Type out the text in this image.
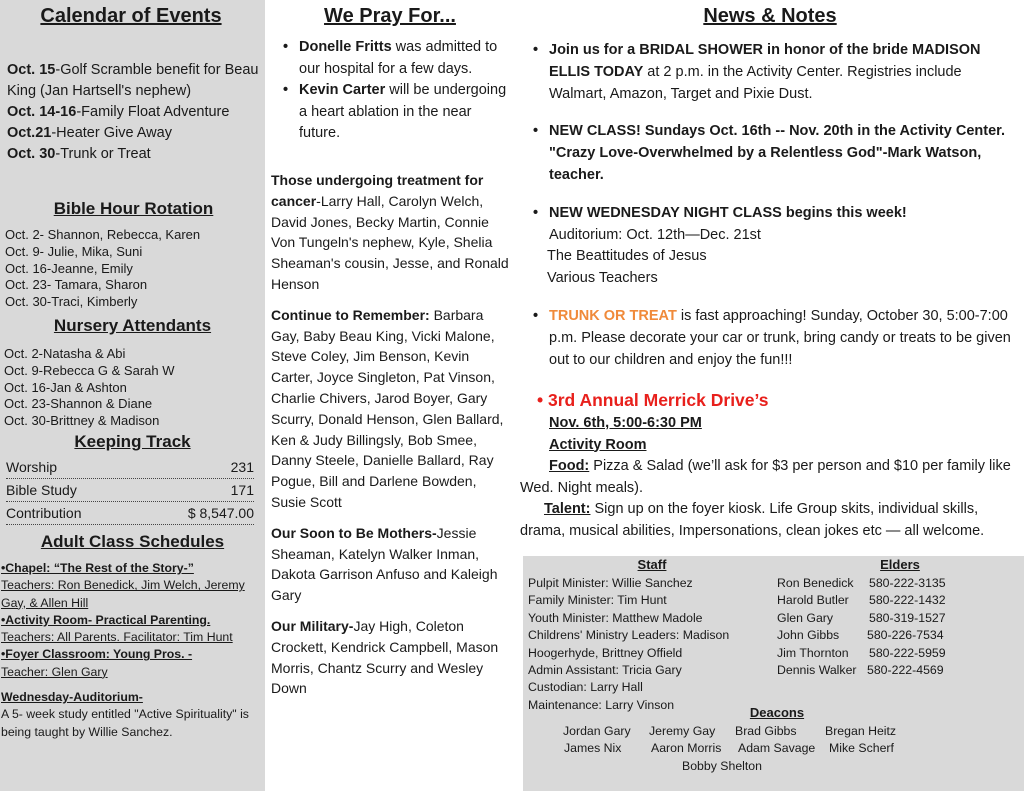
Calendar of Events
Oct. 15-Golf Scramble benefit for Beau King (Jan Hartsell's nephew)
Oct. 14-16-Family Float Adventure
Oct.21-Heater Give Away
Oct. 30-Trunk or Treat
Bible Hour Rotation
Oct. 2- Shannon, Rebecca, Karen
Oct. 9- Julie, Mika, Suni
Oct. 16-Jeanne, Emily
Oct. 23- Tamara, Sharon
Oct. 30-Traci, Kimberly
Nursery Attendants
Oct. 2-Natasha & Abi
Oct. 9-Rebecca G & Sarah W
Oct. 16-Jan & Ashton
Oct. 23-Shannon & Diane
Oct. 30-Brittney & Madison
Keeping Track
Worship	231
Bible Study	171
Contribution	$ 8,547.00
Adult Class Schedules
•Chapel: “The Rest of the Story-”
Teachers: Ron Benedick, Jim Welch, Jeremy Gay, & Allen Hill
•Activity Room- Practical Parenting.
Teachers: All Parents. Facilitator: Tim Hunt
•Foyer Classroom: Young Pros. -
Teacher: Glen Gary
Wednesday-Auditorium-
A 5- week study entitled "Active Spirituality" is being taught by Willie Sanchez.
We Pray For...
• Donelle Fritts was admitted to our hospital for a few days.
• Kevin Carter will be undergoing a heart ablation in the near future.
Those undergoing treatment for cancer-Larry Hall, Carolyn Welch, David Jones, Becky Martin, Connie Von Tungeln's nephew, Kyle, Shelia Sheaman's cousin, Jesse, and Ronald Henson
Continue to Remember: Barbara Gay, Baby Beau King, Vicki Malone, Steve Coley, Jim Benson, Kevin Carter, Joyce Singleton, Pat Vinson, Charlie Chivers, Jarod Boyer, Gary Scurry, Donald Henson, Glen Ballard, Ken & Judy Billingsly, Bob Smee, Danny Steele, Danielle Ballard, Ray Pogue, Bill and Darlene Bowden, Susie Scott
Our Soon to Be Mothers-Jessie Sheaman, Katelyn Walker Inman, Dakota Garrison Anfuso and Kaleigh Gary
Our Military-Jay High, Coleton Crockett, Kendrick Campbell, Mason Morris, Chantz Scurry and Wesley Down
News & Notes
• Join us for a BRIDAL SHOWER in honor of the bride MADISON ELLIS TODAY at 2 p.m. in the Activity Center. Registries include Walmart, Amazon, Target and Pixie Dust.
• NEW CLASS! Sundays Oct. 16th -- Nov. 20th in the Activity Center. "Crazy Love-Overwhelmed by a Relentless God"-Mark Watson, teacher.
• NEW WEDNESDAY NIGHT CLASS begins this week!
Auditorium: Oct. 12th—Dec. 21st
The Beattitudes of Jesus
Various Teachers
• TRUNK OR TREAT is fast approaching! Sunday, October 30, 5:00-7:00 p.m. Please decorate your car or trunk, bring candy or treats to be given out to our children and enjoy the fun!!!
• 3rd Annual Merrick Drive’s
Nov. 6th, 5:00-6:30 PM
Activity Room
Food: Pizza & Salad (we’ll ask for $3 per person and $10 per family like Wed. Night meals).
Talent: Sign up on the foyer kiosk. Life Group skits, individual skills, drama, musical abilities, Impersonations, clean jokes etc — all welcome.
Staff
Pulpit Minister: Willie Sanchez
Family Minister: Tim Hunt
Youth Minister: Matthew Madole
Childrens' Ministry Leaders: Madison
Hoogerhyde, Brittney Offield
Admin Assistant: Tricia Gary
Custodian: Larry Hall
Maintenance: Larry Vinson
Elders
Ron Benedick 580-222-3135
Harold Butler 580-222-1432
Glen Gary	580-319-1527
John Gibbs 580-226-7534
Jim Thornton 580-222-5959
Dennis Walker 580-222-4569
Deacons
Jordan Gary Jeremy Gay Brad Gibbs Bregan Heitz
James Nix Aaron Morris Adam Savage Mike Scherf
Bobby Shelton
